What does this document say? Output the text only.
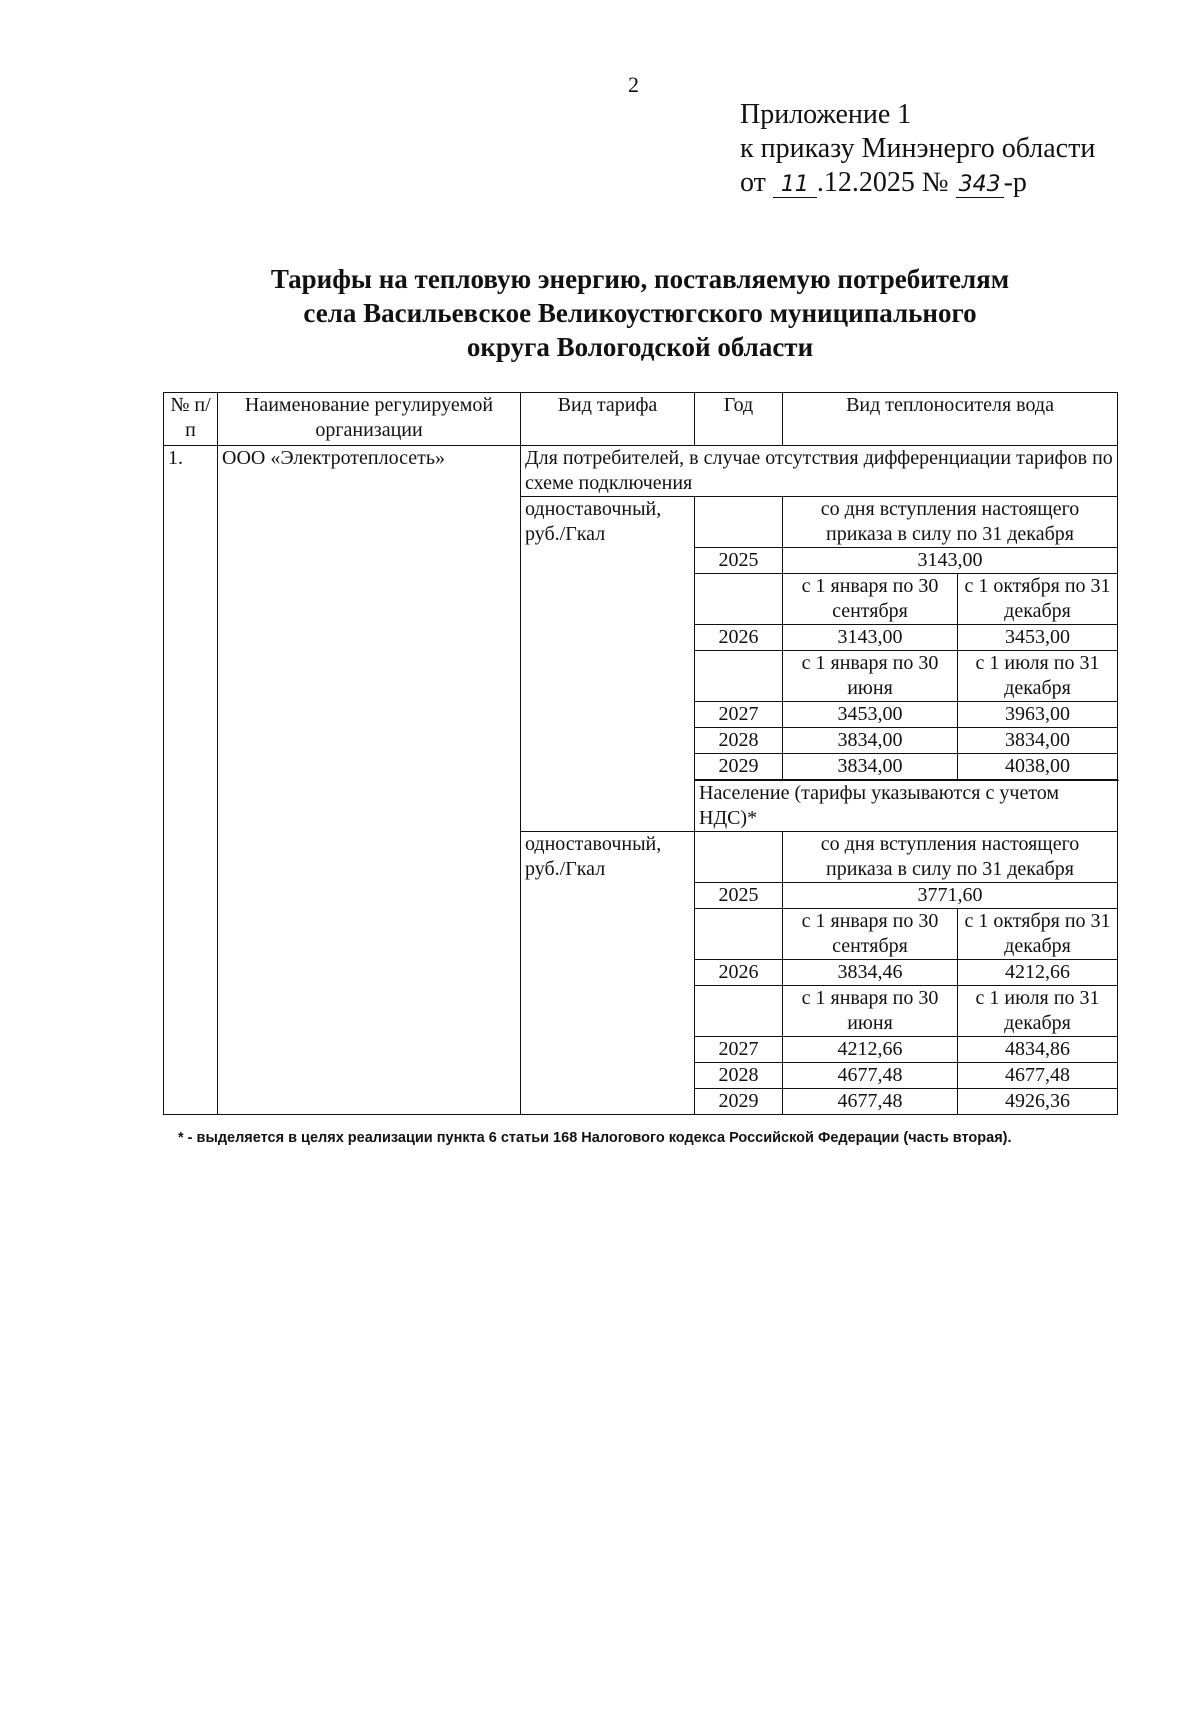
2
Приложение 1
к приказу Минэнерго области
от 11 .12.2025 № 343 -р
Тарифы на тепловую энергию, поставляемую потребителям
села Васильевское Великоустюгского муниципального
округа Вологодской области
№ п/п	Наименование регулируемой организации	Вид тарифа	Год	Вид теплоносителя вода	
1.	ООО «Электротеплосеть»	Для потребителей, в случае отсутствия дифференциации тарифов по схеме подключения			
		одноставочный, руб./Гкал		со дня вступления настоящего приказа в силу по 31 декабря	
			2025	3143,00	
				с 1 января по 30 сентября	с 1 октября по 31 декабря
			2026	3143,00	3453,00
				с 1 января по 30 июня	с 1 июля по 31 декабря
			2027	3453,00	3963,00
			2028	3834,00	3834,00
			2029	3834,00	4038,00

			Население (тарифы указываются с учетом НДС)*		
		одноставочный, руб./Гкал		со дня вступления настоящего приказа в силу по 31 декабря	
			2025	3771,60	
				с 1 января по 30 сентября	с 1 октября по 31 декабря
			2026	3834,46	4212,66
				с 1 января по 30 июня	с 1 июля по 31 декабря
			2027	4212,66	4834,86
			2028	4677,48	4677,48
			2029	4677,48	4926,36
* - выделяется в целях реализации пункта 6 статьи 168 Налогового кодекса Российской Федерации (часть вторая).
